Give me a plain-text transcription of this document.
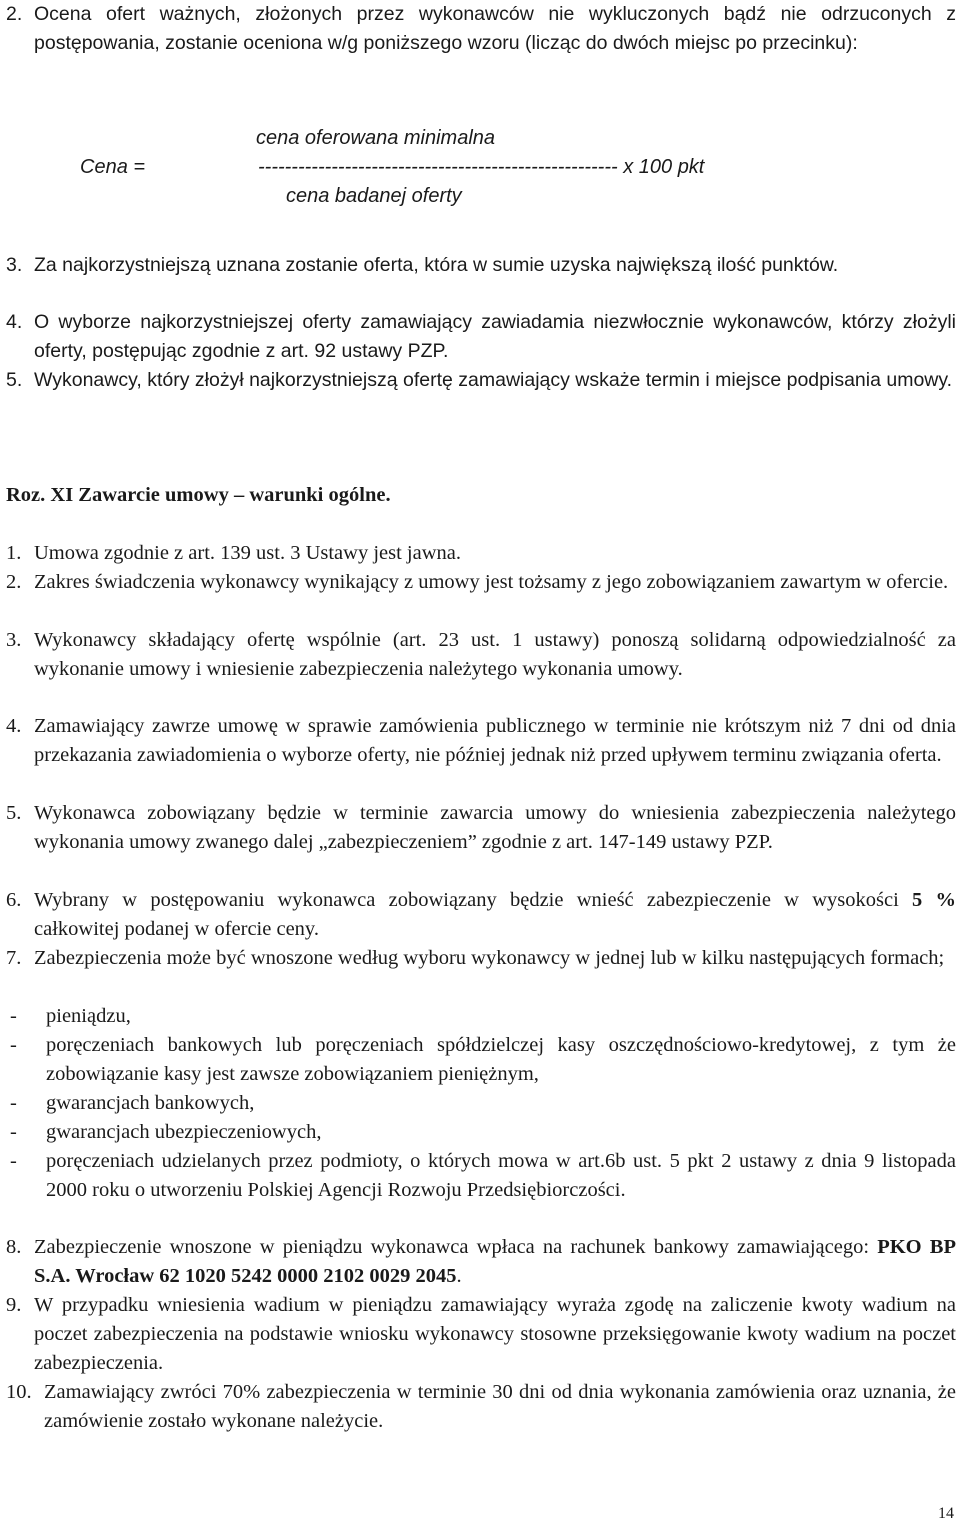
2. Ocena ofert ważnych, złożonych przez wykonawców nie wykluczonych bądź nie odrzuconych z postępowania, zostanie oceniona w/g poniższego wzoru (licząc do dwóch miejsc po przecinku):
cena oferowana minimalna
Cena =	------------------------------------------------------ x 100 pkt
cena badanej oferty
3. Za najkorzystniejszą uznana zostanie oferta, która w sumie uzyska największą ilość punktów.
4. O wyborze najkorzystniejszej oferty zamawiający zawiadamia niezwłocznie wykonawców, którzy złożyli oferty, postępując zgodnie z art. 92 ustawy PZP.
5. Wykonawcy, który złożył najkorzystniejszą ofertę zamawiający wskaże termin i miejsce podpisania umowy.
Roz. XI Zawarcie umowy – warunki ogólne.
1. Umowa zgodnie z art. 139 ust. 3 Ustawy jest jawna.
2. Zakres świadczenia wykonawcy wynikający z umowy jest tożsamy z jego zobowiązaniem zawartym w ofercie.
3. Wykonawcy składający ofertę wspólnie (art. 23 ust. 1 ustawy) ponoszą solidarną odpowiedzialność za wykonanie umowy i wniesienie zabezpieczenia należytego wykonania umowy.
4. Zamawiający zawrze umowę w sprawie zamówienia publicznego w terminie nie krótszym niż 7 dni od dnia przekazania zawiadomienia o wyborze oferty, nie później jednak niż przed upływem terminu związania oferta.
5. Wykonawca zobowiązany będzie w terminie zawarcia umowy do wniesienia zabezpieczenia należytego wykonania umowy zwanego dalej „zabezpieczeniem” zgodnie z art. 147-149 ustawy PZP.
6. Wybrany w postępowaniu wykonawca zobowiązany będzie wnieść zabezpieczenie w wysokości 5 % całkowitej podanej w ofercie ceny.
7. Zabezpieczenia może być wnoszone według wyboru wykonawcy w jednej lub w kilku następujących formach;
-	pieniądzu,
-	poręczeniach bankowych lub poręczeniach spółdzielczej kasy oszczędnościowo-kredytowej, z tym że zobowiązanie kasy jest zawsze zobowiązaniem pieniężnym,
-	gwarancjach bankowych,
-	gwarancjach ubezpieczeniowych,
-	poręczeniach udzielanych przez podmioty, o których mowa w art.6b ust. 5 pkt 2 ustawy z dnia 9 listopada 2000 roku o utworzeniu Polskiej Agencji Rozwoju Przedsiębiorczości.
8. Zabezpieczenie wnoszone w pieniądzu wykonawca wpłaca na rachunek bankowy zamawiającego: PKO BP S.A. Wrocław 62 1020 5242 0000 2102 0029 2045.
9. W przypadku wniesienia wadium w pieniądzu zamawiający wyraża zgodę na zaliczenie kwoty wadium na poczet zabezpieczenia na podstawie wniosku wykonawcy stosowne przeksięgowanie kwoty wadium na poczet zabezpieczenia.
10. Zamawiający zwróci 70% zabezpieczenia w terminie 30 dni od dnia wykonania zamówienia oraz uznania, że zamówienie zostało wykonane należycie.
14
